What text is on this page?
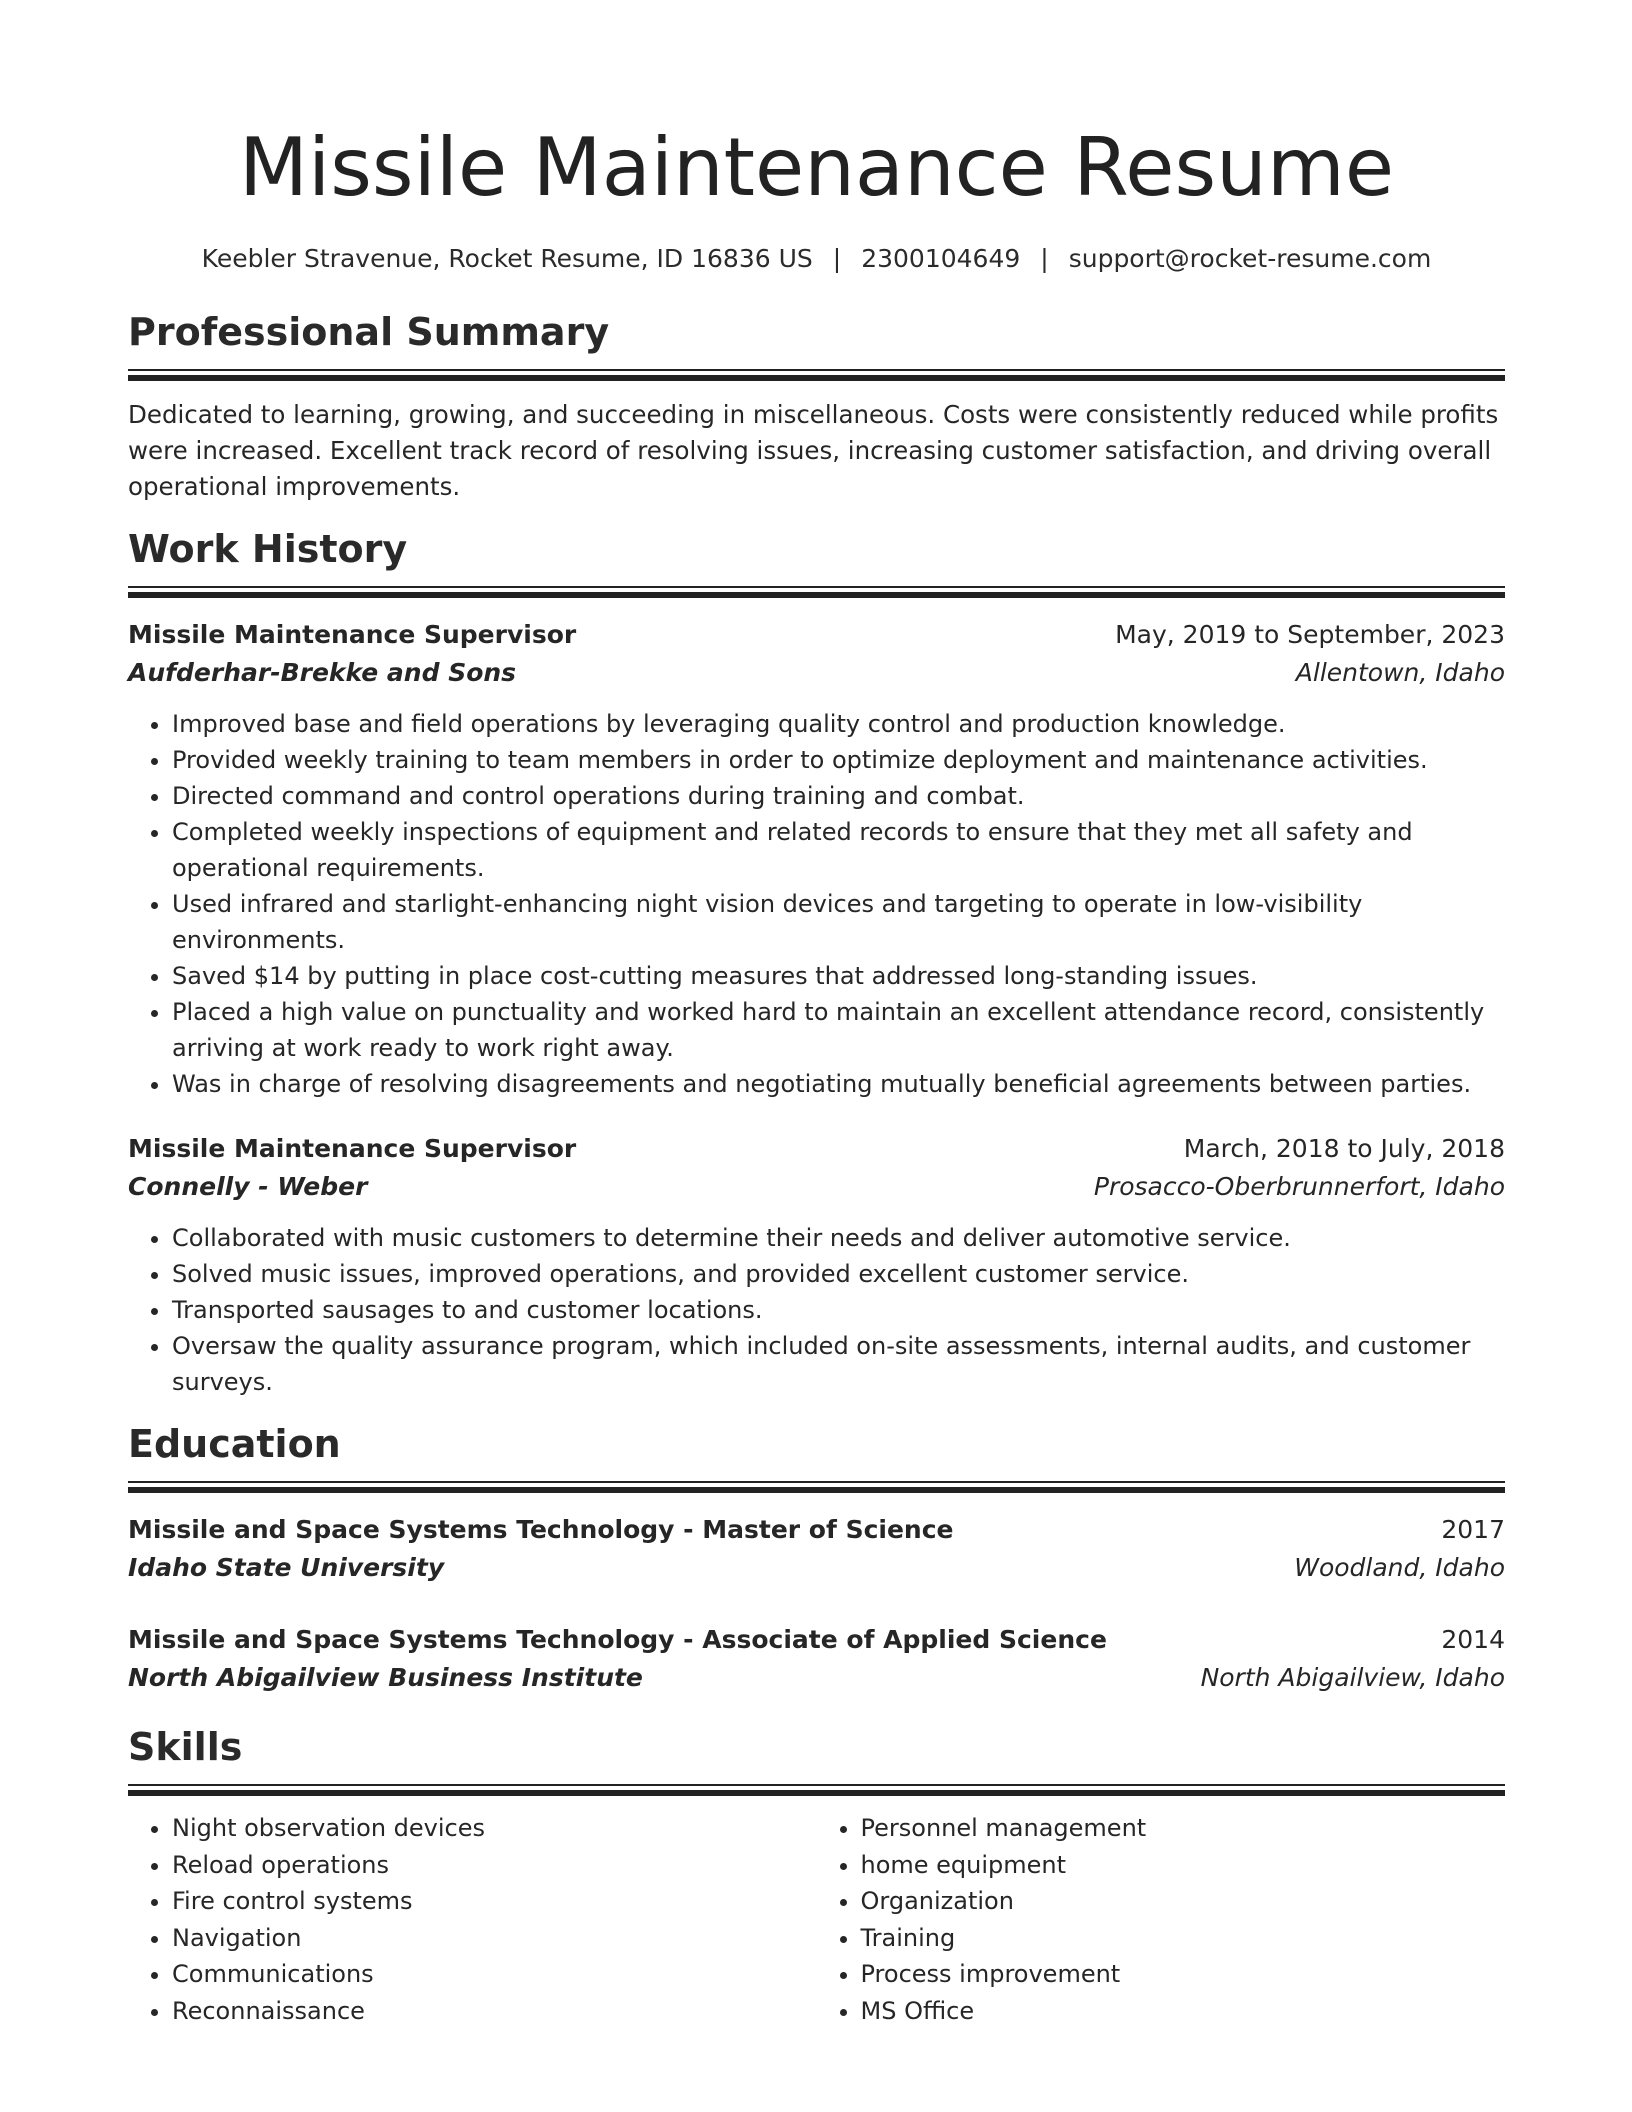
Missile Maintenance Resume
Keebler Stravenue, Rocket Resume, ID 16836 US | 2300104649 | support@rocket-resume.com
Professional Summary

Dedicated to learning, growing, and succeeding in miscellaneous. Costs were consistently reduced while profits were increased. Excellent track record of resolving issues, increasing customer satisfaction, and driving overall operational improvements.

Work History
Missile Maintenance Supervisor	May, 2019 to September, 2023
Aufderhar-Brekke and Sons	Allentown, Idaho
• Improved base and field operations by leveraging quality control and production knowledge.
• Provided weekly training to team members in order to optimize deployment and maintenance activities.
• Directed command and control operations during training and combat.
• Completed weekly inspections of equipment and related records to ensure that they met all safety and operational requirements.
• Used infrared and starlight-enhancing night vision devices and targeting to operate in low-visibility environments.
• Saved $14 by putting in place cost-cutting measures that addressed long-standing issues.
• Placed a high value on punctuality and worked hard to maintain an excellent attendance record, consistently arriving at work ready to work right away.
• Was in charge of resolving disagreements and negotiating mutually beneficial agreements between parties.
Missile Maintenance Supervisor	March, 2018 to July, 2018
Connelly - Weber	Prosacco-Oberbrunnerfort, Idaho
• Collaborated with music customers to determine their needs and deliver automotive service.
• Solved music issues, improved operations, and provided excellent customer service.
• Transported sausages to and customer locations.
• Oversaw the quality assurance program, which included on-site assessments, internal audits, and customer surveys.
Education
Missile and Space Systems Technology - Master of Science	2017
Idaho State University	Woodland, Idaho
Missile and Space Systems Technology - Associate of Applied Science	2014
North Abigailview Business Institute	North Abigailview, Idaho
Skills
• Night observation devices
• Reload operations
• Fire control systems
• Navigation
• Communications
• Reconnaissance
• Personnel management
• home equipment
• Organization
• Training
• Process improvement
• MS Office
